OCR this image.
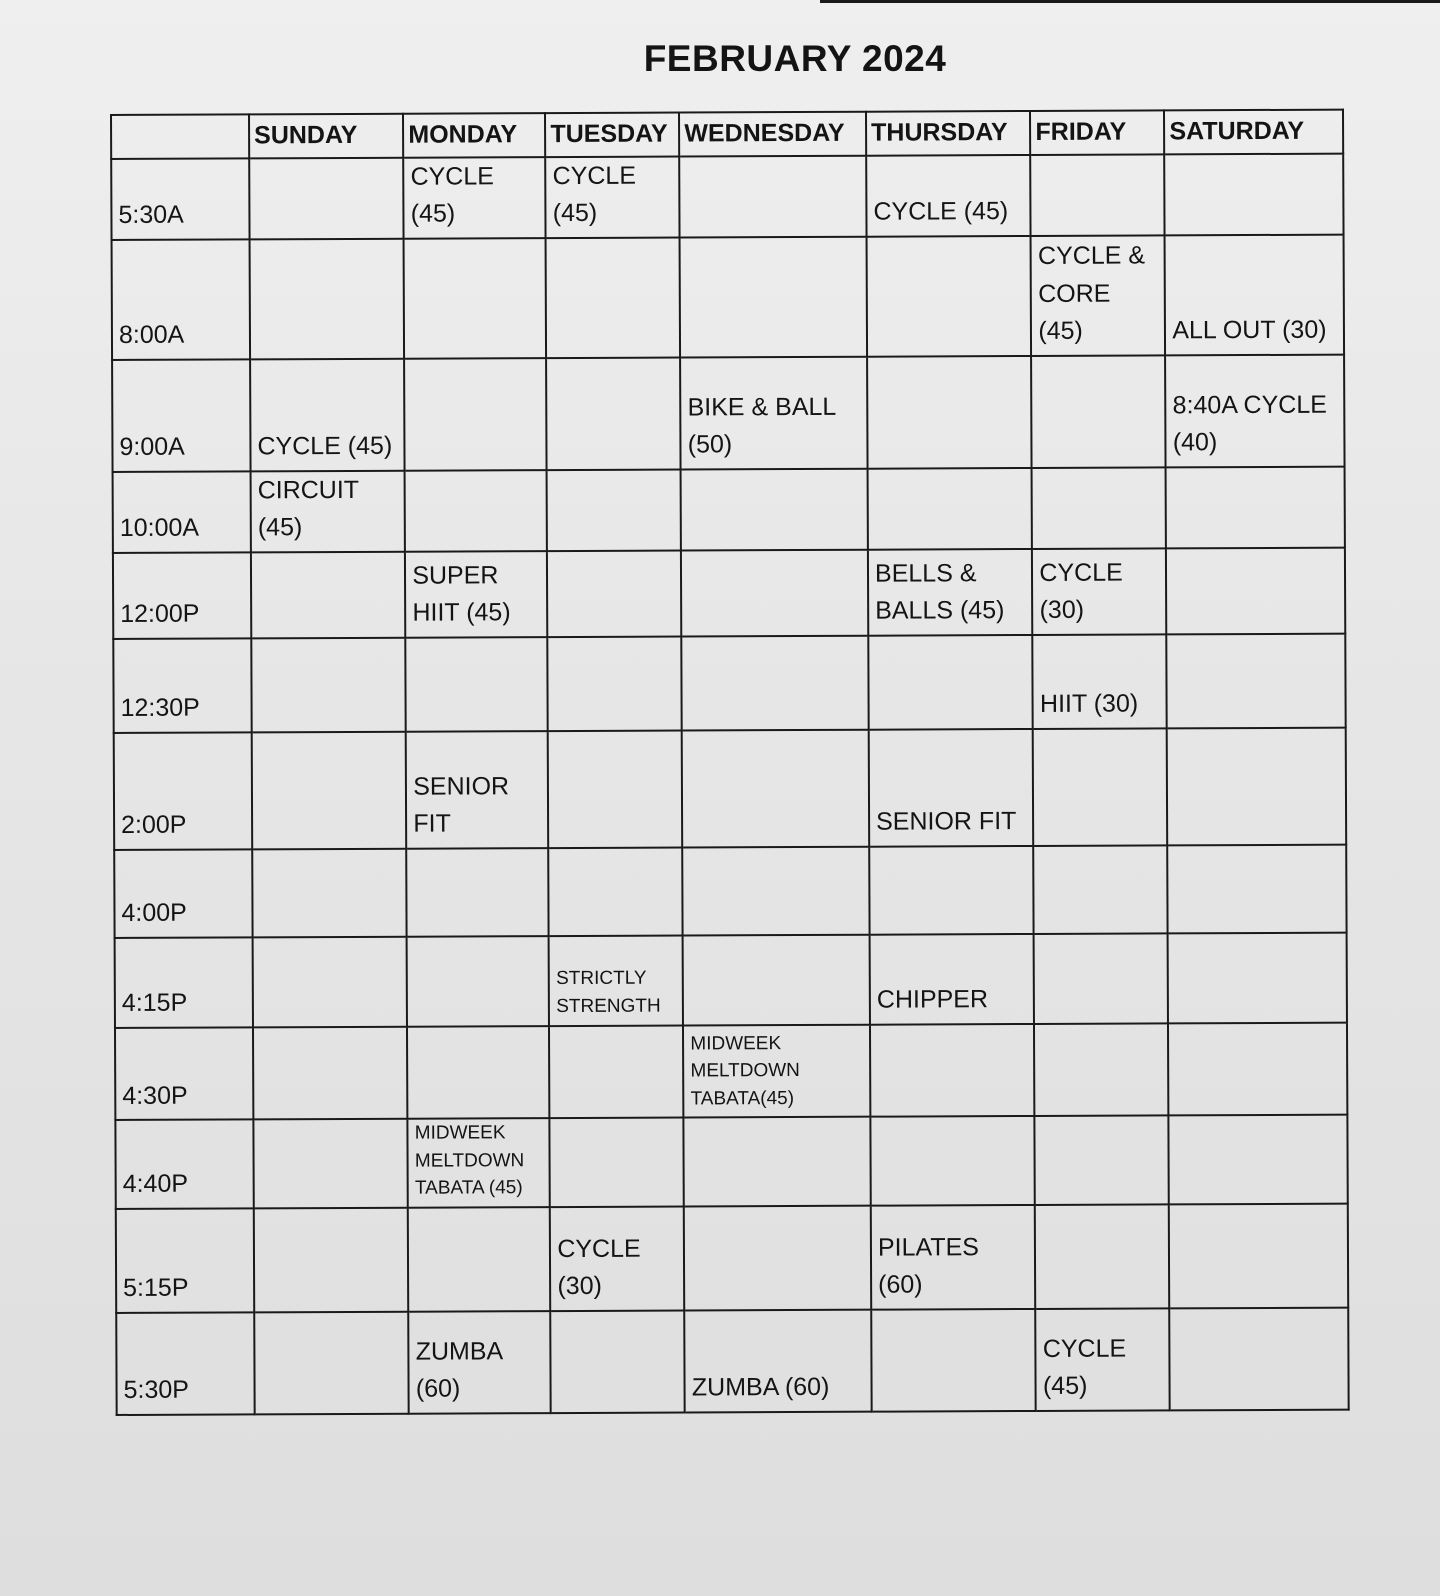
FEBRUARY 2024
	SUNDAY	MONDAY	TUESDAY	WEDNESDAY	THURSDAY	FRIDAY	SATURDAY
5:30A		CYCLE (45)	CYCLE (45)		CYCLE (45)		

8:00A						CYCLE & CORE (45)	ALL OUT (30)

9:00A	CYCLE (45)			BIKE & BALL (50)			8:40A CYCLE (40)

10:00A	CIRCUIT (45)						

12:00P		SUPER HIIT (45)			BELLS & BALLS (45)	CYCLE (30)	

12:30P						HIIT (30)	

2:00P		SENIOR FIT			SENIOR FIT		

4:00P	

4:15P			STRICTLY STRENGTH		CHIPPER		

4:30P				MIDWEEK MELTDOWN TABATA(45)			

4:40P		MIDWEEK MELTDOWN TABATA (45)					

5:15P			CYCLE (30)		PILATES (60)		

5:30P		ZUMBA (60)		ZUMBA (60)		CYCLE (45)	
